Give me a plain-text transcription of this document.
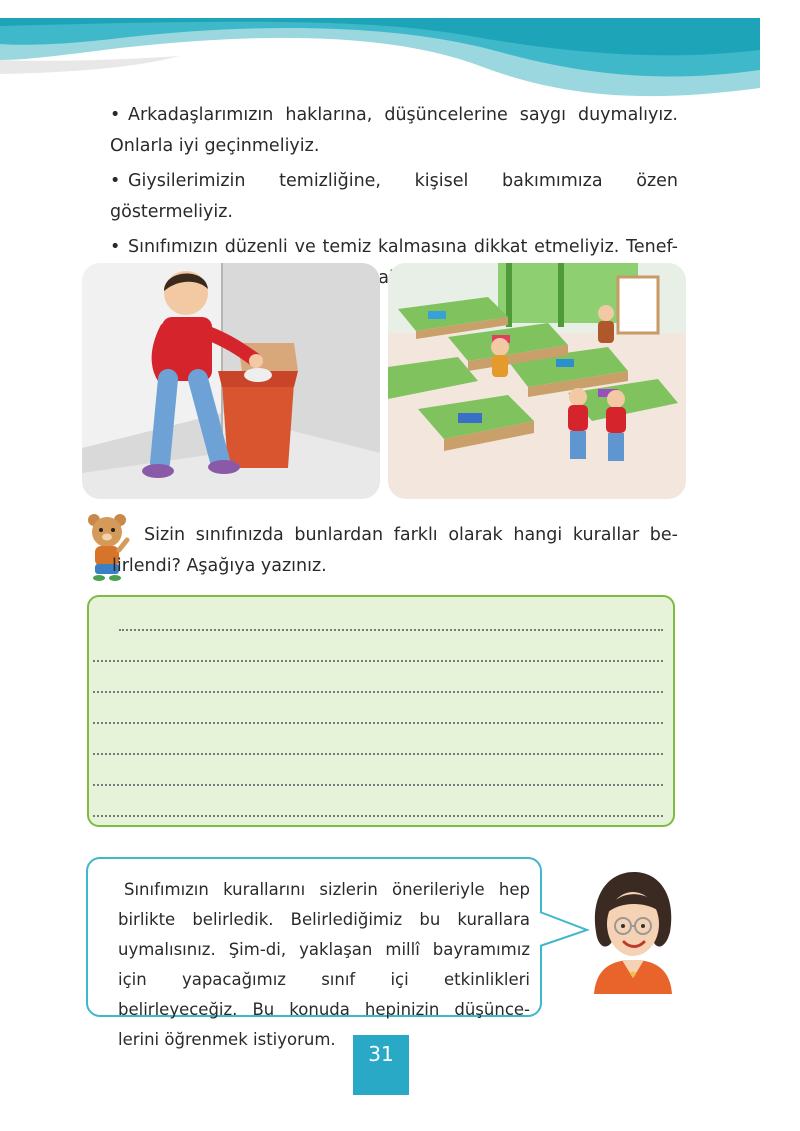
• Arkadaşlarımızın haklarına, düşüncelerine saygı duymalıyız. Onlarla iyi geçinmeliyiz.

• Giysilerimizin temizliğine, kişisel bakımımıza özen göstermeliyiz.

• Sınıfımızın düzenli ve temiz kalmasına dikkat etmeliyiz. Tenef-

Sizin sınıfınızda bunlardan farklı olarak hangi kurallar be-lirlendi? Aşağıya yazınız.

Sınıfımızın kurallarını sizlerin önerileriyle hep birlikte belirledik. Belirlediğimiz bu kurallara uymalısınız. Şim-di, yaklaşan millî bayramımız için yapacağımız sınıf içi etkinlikleri belirleyeceğiz. Bu konuda hepinizin düşünce-lerini öğrenmek istiyorum.

31
